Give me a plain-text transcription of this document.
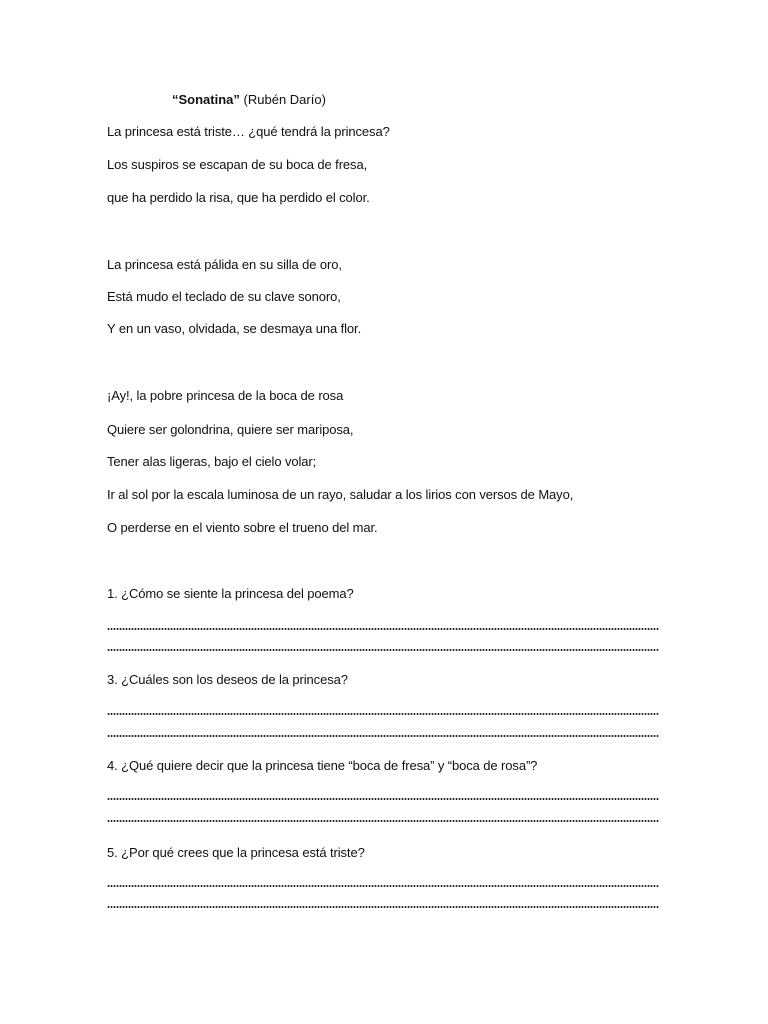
“Sonatina” (Rubén Darío)
La princesa está triste… ¿qué tendrá la princesa?
Los suspiros se escapan de su boca de fresa,
que ha perdido la risa, que ha perdido el color.
La princesa está pálida en su silla de oro,
Está mudo el teclado de su clave sonoro,
Y en un vaso, olvidada, se desmaya una flor.
¡Ay!, la pobre princesa de la boca de rosa
Quiere ser golondrina, quiere ser mariposa,
Tener alas ligeras, bajo el cielo volar;
Ir al sol por la escala luminosa de un rayo, saludar a los lirios con versos de Mayo,
O perderse en el viento sobre el trueno del mar.
1. ¿Cómo se siente la princesa del poema?
3. ¿Cuáles son los deseos de la princesa?
4. ¿Qué quiere decir que la princesa tiene “boca de fresa” y “boca de rosa”?
5. ¿Por qué crees que la princesa está triste?
